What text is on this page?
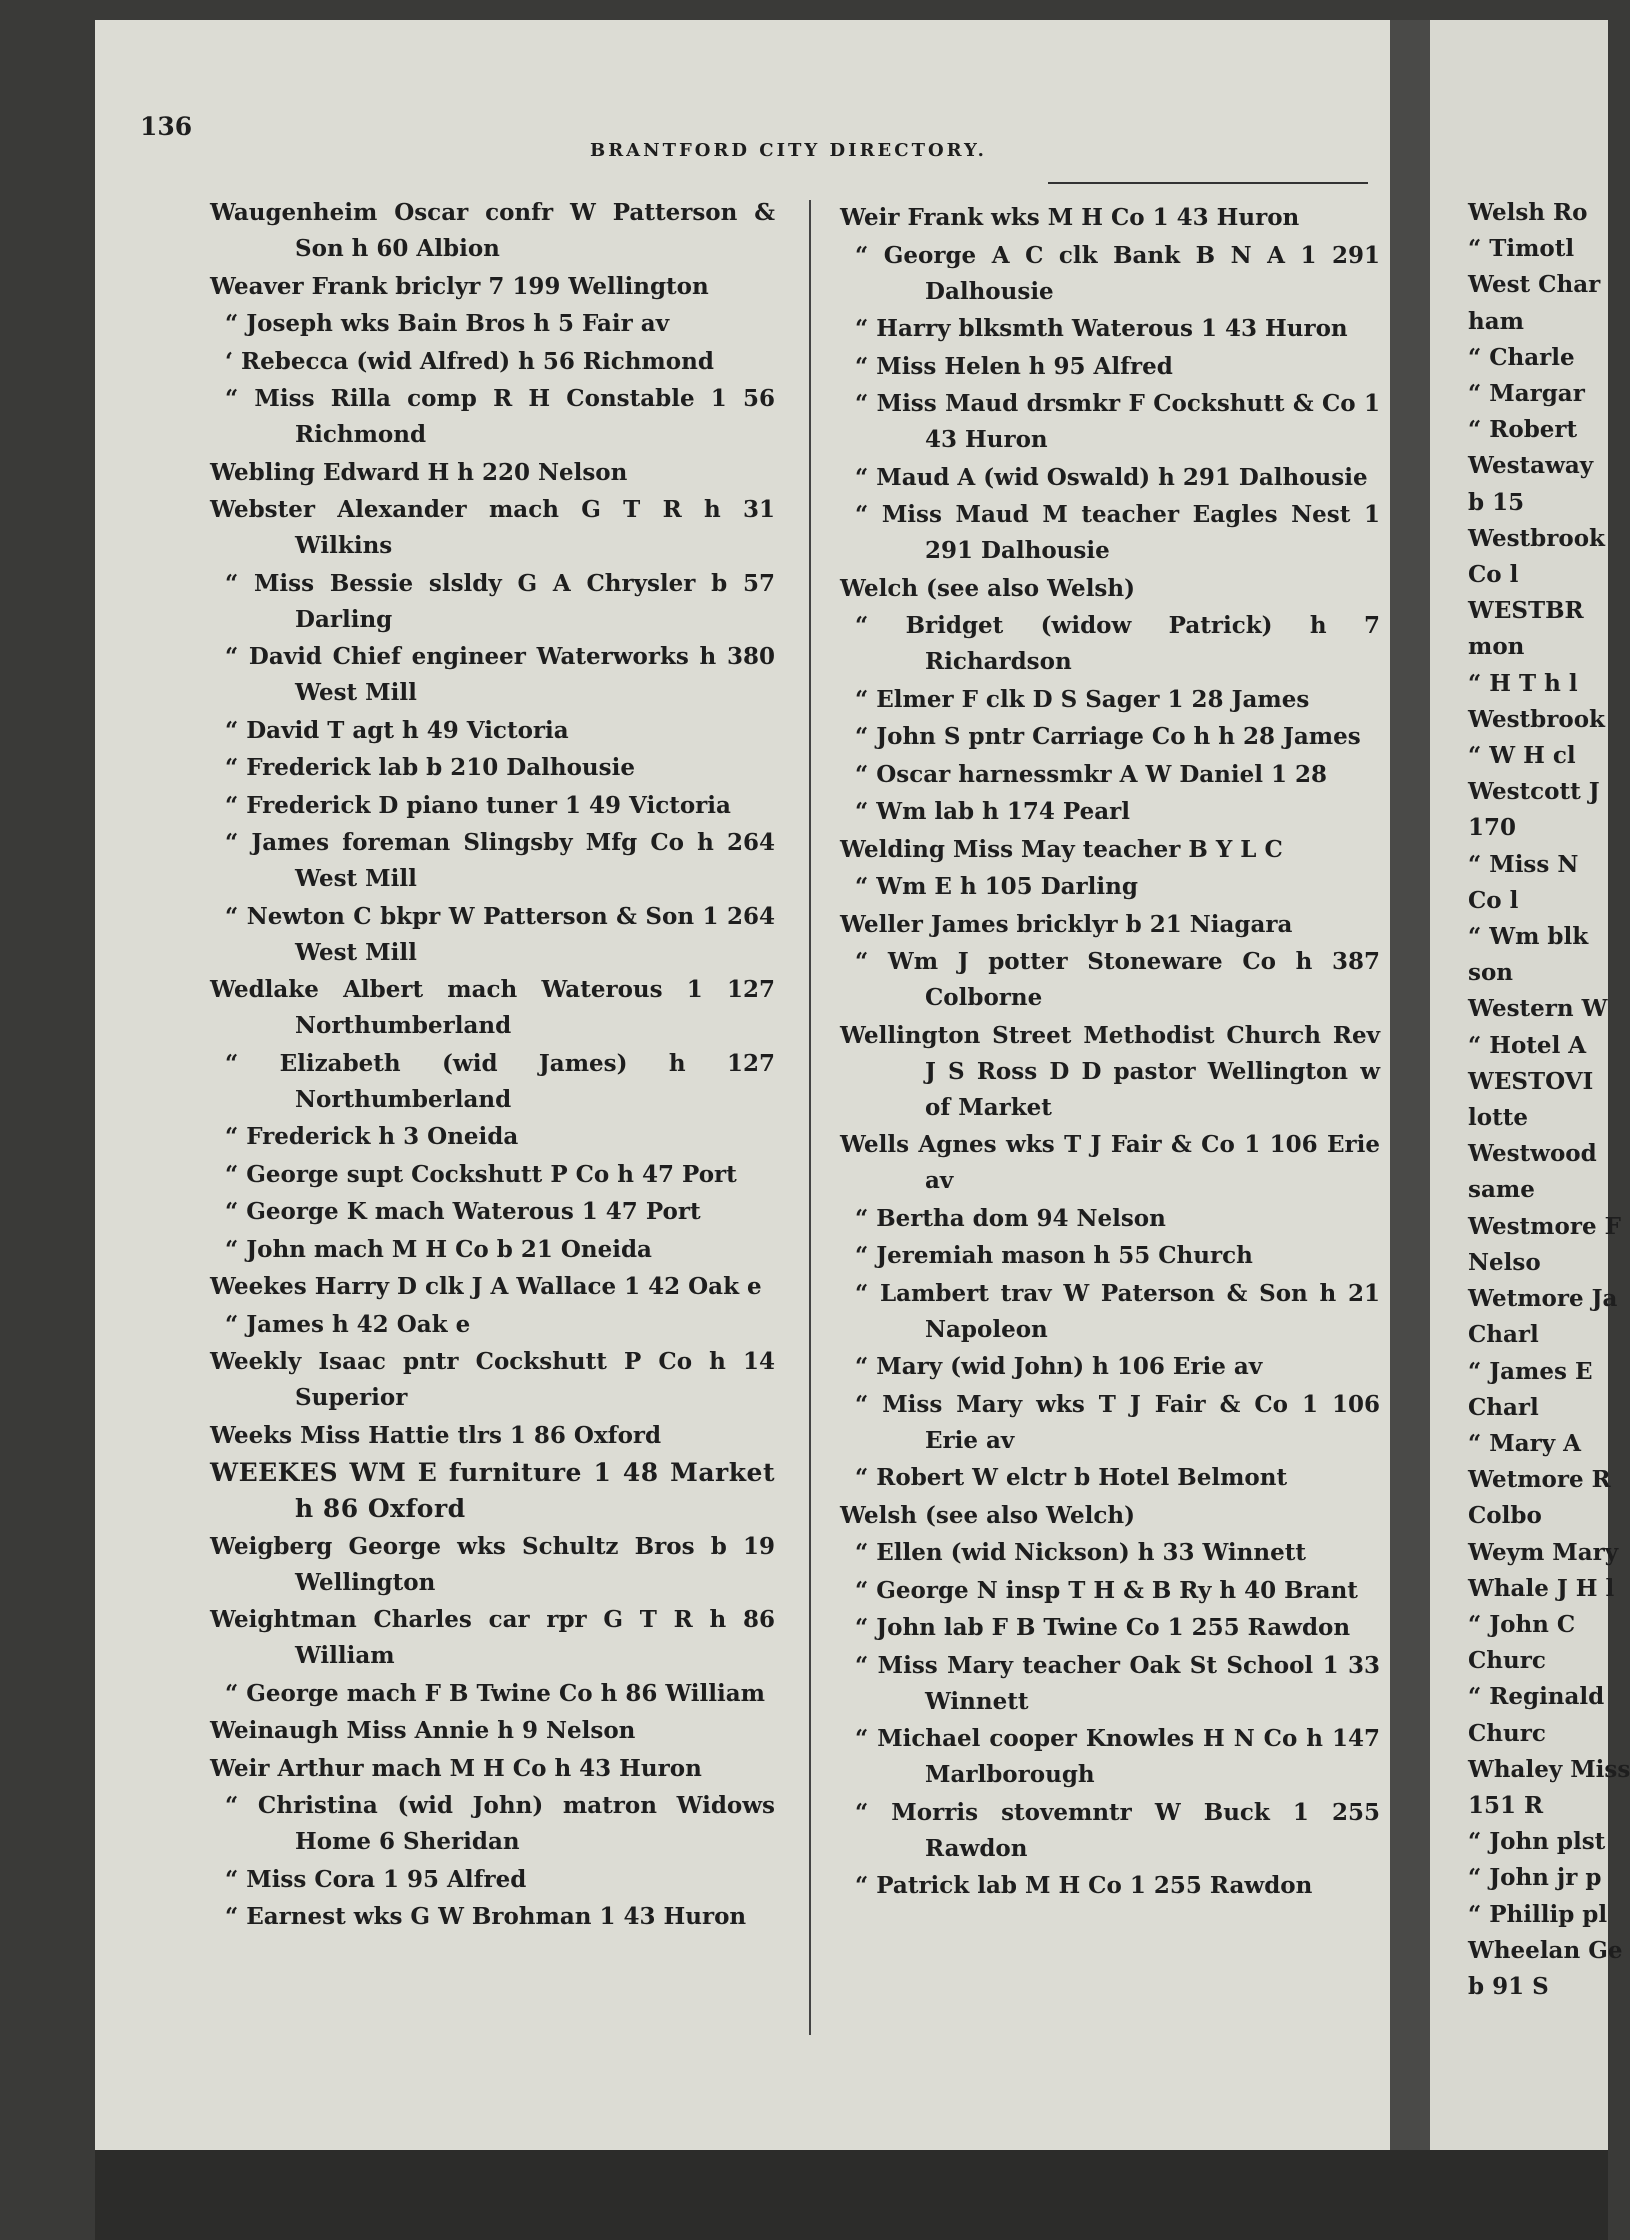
Welsh Ro
“ Timotl
West Char
ham
“ Charle
“ Margar
“ Robert
Westaway
b 15
Westbrook
Co l
WESTBR
mon
“ H T h l
Westbrook
“ W H cl
Westcott J
170
“ Miss N
Co l
“ Wm blk
son
Western W
“ Hotel A
WESTOVI
lotte
Westwood
same
Westmore F
Nelso
Wetmore Ja
Charl
“ James E
Charl
“ Mary A
Wetmore R
Colbo
Weym Mary
Whale J H l
“ John C
Churc
“ Reginald
Churc
Whaley Miss
151 R
“ John plst
“ John jr p
“ Phillip pl
Wheelan Ge
b 91 S
136
BRANTFORD CITY DIRECTORY.
Waugenheim Oscar confr W Patterson & Son h 60 Albion
Weaver Frank briclyr 7 199 Wellington
“ Joseph wks Bain Bros h 5 Fair av
‘ Rebecca (wid Alfred) h 56 Richmond
“ Miss Rilla comp R H Constable 1 56 Richmond
Webling Edward H h 220 Nelson
Webster Alexander mach G T R h 31 Wilkins
“ Miss Bessie slsldy G A Chrysler b 57 Darling
“ David Chief engineer Waterworks h 380 West Mill
“ David T agt h 49 Victoria
“ Frederick lab b 210 Dalhousie
“ Frederick D piano tuner 1 49 Victoria
“ James foreman Slingsby Mfg Co h 264 West Mill
“ Newton C bkpr W Patterson & Son 1 264 West Mill
Wedlake Albert mach Waterous 1 127 Northumberland
“ Elizabeth (wid James) h 127 Northumberland
“ Frederick h 3 Oneida
“ George supt Cockshutt P Co h 47 Port
“ George K mach Waterous 1 47 Port
“ John mach M H Co b 21 Oneida
Weekes Harry D clk J A Wallace 1 42 Oak e
“ James h 42 Oak e
Weekly Isaac pntr Cockshutt P Co h 14 Superior
Weeks Miss Hattie tlrs 1 86 Oxford
WEEKES WM E furniture 1 48 Market h 86 Oxford
Weigberg George wks Schultz Bros b 19 Wellington
Weightman Charles car rpr G T R h 86 William
“ George mach F B Twine Co h 86 William
Weinaugh Miss Annie h 9 Nelson
Weir Arthur mach M H Co h 43 Huron
“ Christina (wid John) matron Widows Home 6 Sheridan
“ Miss Cora 1 95 Alfred
“ Earnest wks G W Brohman 1 43 Huron
Weir Frank wks M H Co 1 43 Huron
“ George A C clk Bank B N A 1 291 Dalhousie
“ Harry blksmth Waterous 1 43 Huron
“ Miss Helen h 95 Alfred
“ Miss Maud drsmkr F Cockshutt & Co 1 43 Huron
“ Maud A (wid Oswald) h 291 Dalhousie
“ Miss Maud M teacher Eagles Nest 1 291 Dalhousie
Welch (see also Welsh)
“ Bridget (widow Patrick) h 7 Richardson
“ Elmer F clk D S Sager 1 28 James
“ John S pntr Carriage Co h h 28 James
“ Oscar harnessmkr A W Daniel 1 28
“ Wm lab h 174 Pearl
Welding Miss May teacher B Y L C
“ Wm E h 105 Darling
Weller James bricklyr b 21 Niagara
“ Wm J potter Stoneware Co h 387 Colborne
Wellington Street Methodist Church Rev J S Ross D D pastor Wellington w of Market
Wells Agnes wks T J Fair & Co 1 106 Erie av
“ Bertha dom 94 Nelson
“ Jeremiah mason h 55 Church
“ Lambert trav W Paterson & Son h 21 Napoleon
“ Mary (wid John) h 106 Erie av
“ Miss Mary wks T J Fair & Co 1 106 Erie av
“ Robert W elctr b Hotel Belmont
Welsh (see also Welch)
“ Ellen (wid Nickson) h 33 Winnett
“ George N insp T H & B Ry h 40 Brant
“ John lab F B Twine Co 1 255 Rawdon
“ Miss Mary teacher Oak St School 1 33 Winnett
“ Michael cooper Knowles H N Co h 147 Marlborough
“ Morris stovemntr W Buck 1 255 Rawdon
“ Patrick lab M H Co 1 255 Rawdon
